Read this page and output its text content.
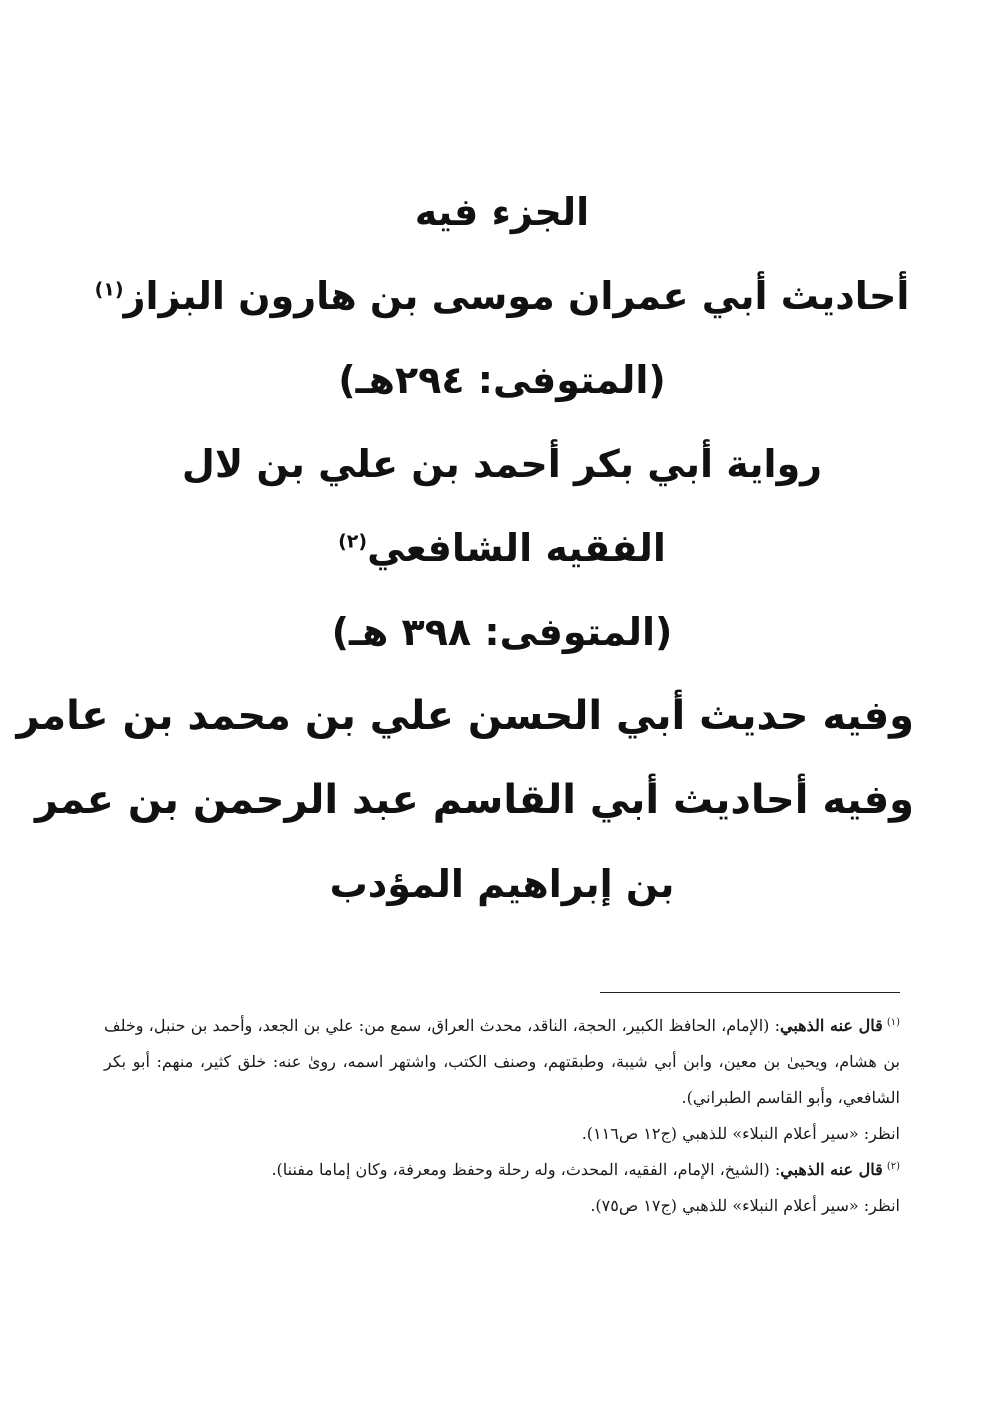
الجزء فيه
أحاديث أبي عمران موسى بن هارون البزاز$^{(١)}$
(المتوفى: ٢٩٤هـ)
رواية أبي بكر أحمد بن علي بن لال
الفقيه الشافعي$^{(٢)}$
(المتوفى: ٣٩٨ هـ)
وفيه حديث أبي الحسن علي بن محمد بن عامر
وفيه أحاديث أبي القاسم عبد الرحمن بن عمر
بن إبراهيم المؤدب

$^{(١)}$قال عنه الذهبي: (الإمام، الحافظ الكبير، الحجة، الناقد، محدث العراق، سمع من: علي بن الجعد، وأحمد بن حنبل، وخلف بن هشام، ويحيىٰ بن معين، وابن أبي شيبة، وطبقتهم، وصنف الكتب، واشتهر اسمه، روىٰ عنه: خلق كثير، منهم: أبو بكر الشافعي، وأبو القاسم الطبراني).

انظر: «سير أعلام النبلاء» للذهبي (ج١٢ ص١١٦).

$^{(٢)}$قال عنه الذهبي: (الشيخ، الإمام، الفقيه، المحدث، وله رحلة وحفظ ومعرفة، وكان إماما مفننا).

انظر: «سير أعلام النبلاء» للذهبي (ج١٧ ص٧٥).
